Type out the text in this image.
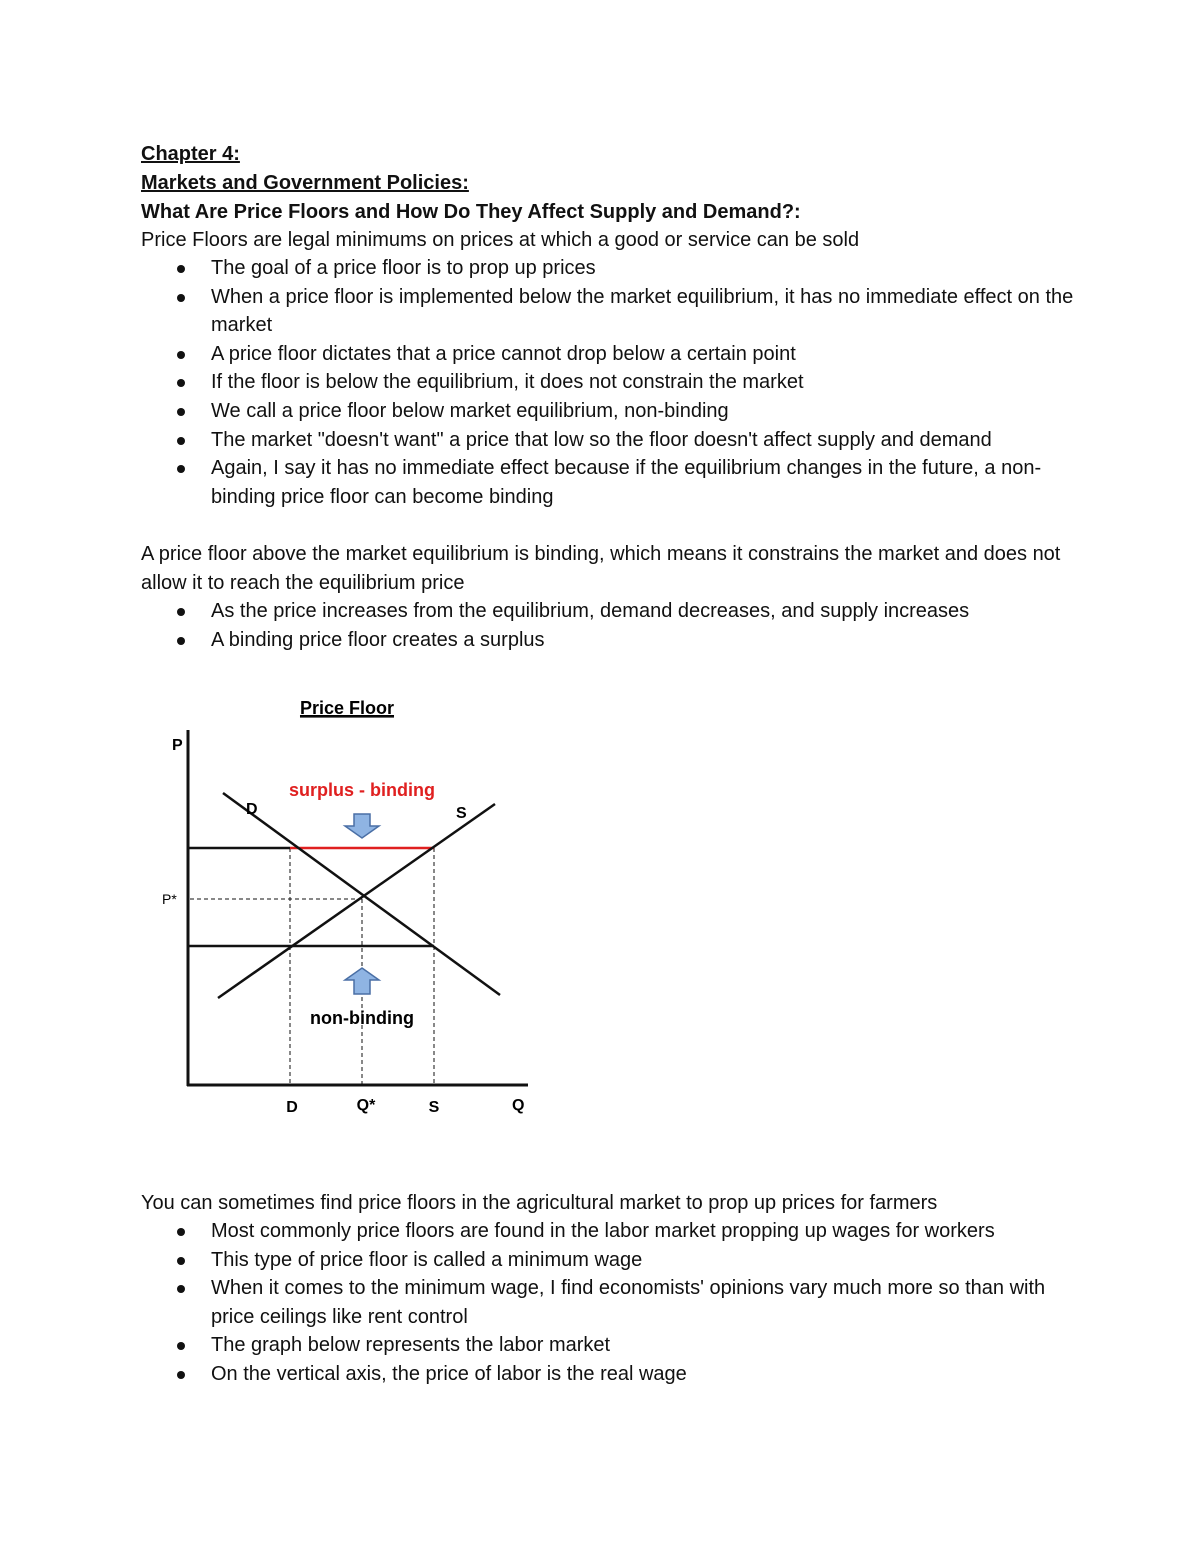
Chapter 4:
Markets and Government Policies:
What Are Price Floors and How Do They Affect Supply and Demand?:
Price Floors are legal minimums on prices at which a good or service can be sold
The goal of a price floor is to prop up prices
When a price floor is implemented below the market equilibrium, it has no immediate effect on the market
A price floor dictates that a price cannot drop below a certain point
If the floor is below the equilibrium, it does not constrain the market
We call a price floor below market equilibrium, non-binding
The market "doesn't want" a price that low so the floor doesn't affect supply and demand
Again, I say it has no immediate effect because if the equilibrium changes in the future, a non-binding price floor can become binding
A price floor above the market equilibrium is binding, which means it constrains the market and does not allow it to reach the equilibrium price
As the price increases from the equilibrium, demand decreases, and supply increases
A binding price floor creates a surplus
Price Floor
P
Q
P*
D	S
surplus - binding
non-binding
D	Q*	S
You can sometimes find price floors in the agricultural market to prop up prices for farmers
Most commonly price floors are found in the labor market propping up wages for workers
This type of price floor is called a minimum wage
When it comes to the minimum wage, I find economists' opinions vary much more so than with price ceilings like rent control
The graph below represents the labor market
On the vertical axis, the price of labor is the real wage
